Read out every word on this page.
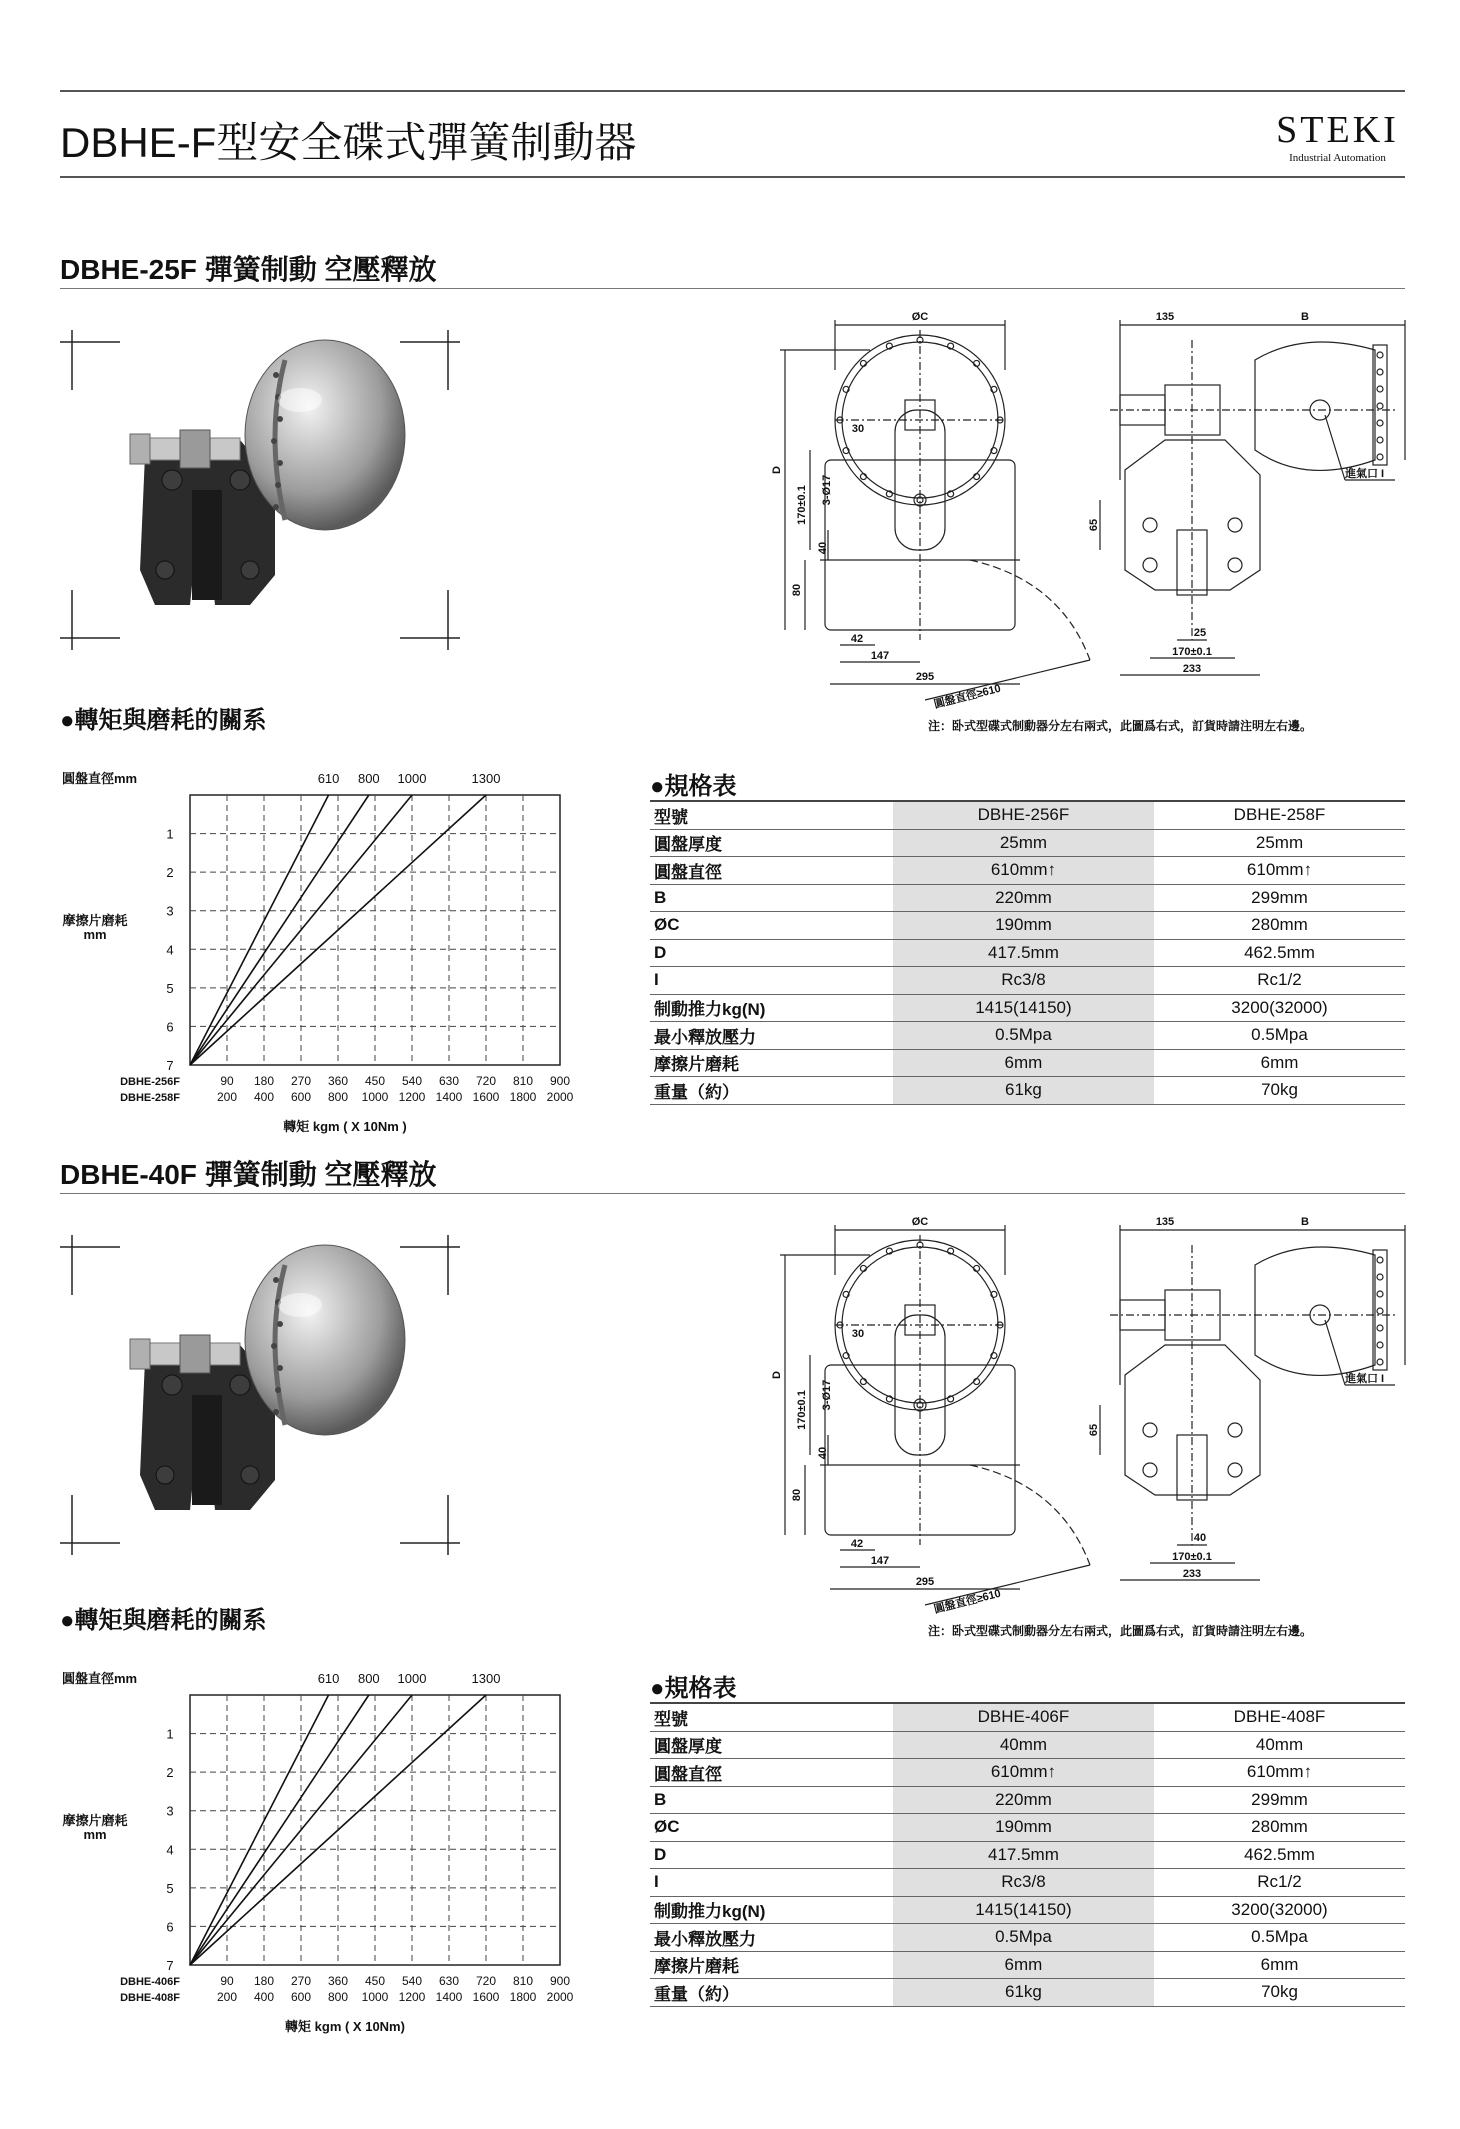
DBHE-F型安全碟式彈簧制動器	STEKI
Industrial Automation
DBHE-25F 彈簧制動 空壓釋放
ØC
D
170±0.1 3-Ø17
40
80
30
42
147
295
圓盤直徑≥610
135	B
65
進氣口 I
25
170±0.1
233
注：卧式型碟式制動器分左右兩式，此圖爲右式，訂貨時請注明左右邊。
●轉矩與磨耗的關系
610 800 1000	1300
圓盤直徑mm
1
2
3
4
5
6
7
摩擦片磨耗
mm
DBHE-256F
DBHE-258F
90 180 270 360 450 540 630 720 810 900
200 400 600 800 1000 1200 1400 1600 1800 2000
轉矩 kgm ( X 10Nm )
●規格表
型號	DBHE-256F	DBHE-258F
圓盤厚度	25mm	25mm
圓盤直徑	610mm↑	610mm↑
B	220mm	299mm
ØC	190mm	280mm
D	417.5mm	462.5mm
I	Rc3/8	Rc1/2
制動推力kg(N)	1415(14150)	3200(32000)
最小釋放壓力	0.5Mpa	0.5Mpa
摩擦片磨耗	6mm	6mm
重量（約）	61kg	70kg
DBHE-40F 彈簧制動 空壓釋放
ØC
D
170±0.1 3-Ø17
40
80
30
42
147
295
圓盤直徑≥610
135	B
65
進氣口 I
40
170±0.1
233
注：卧式型碟式制動器分左右兩式，此圖爲右式，訂貨時請注明左右邊。
●轉矩與磨耗的關系
610 800 1000	1300
圓盤直徑mm
1
2
3
4
5
6
7
摩擦片磨耗
mm
DBHE-406F
DBHE-408F
90 180 270 360 450 540 630 720 810 900
200 400 600 800 1000 1200 1400 1600 1800 2000
轉矩 kgm ( X 10Nm)
●規格表
型號	DBHE-406F	DBHE-408F
圓盤厚度	40mm	40mm
圓盤直徑	610mm↑	610mm↑
B	220mm	299mm
ØC	190mm	280mm
D	417.5mm	462.5mm
I	Rc3/8	Rc1/2
制動推力kg(N)	1415(14150)	3200(32000)
最小釋放壓力	0.5Mpa	0.5Mpa
摩擦片磨耗	6mm	6mm
重量（約）	61kg	70kg
